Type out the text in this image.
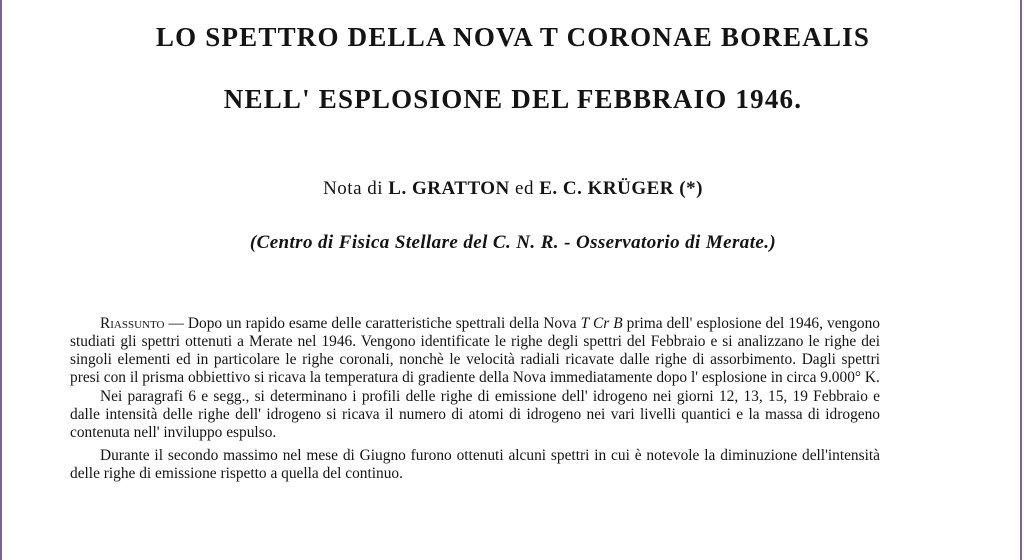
LO SPETTRO DELLA NOVA T CORONAE BOREALIS
NELL' ESPLOSIONE DEL FEBBRAIO 1946.
Nota di L. GRATTON ed E. C. KRÜGER (*)
(Centro di Fisica Stellare del C. N. R. - Osservatorio di Merate.)

Riassunto — Dopo un rapido esame delle caratteristiche spettrali della Nova T Cr B prima dell' esplosione del 1946, vengono studiati gli spettri ottenuti a Merate nel 1946. Vengono identificate le righe degli spettri del Febbraio e si analizzano le righe dei singoli elementi ed in particolare le righe coronali, nonchè le velocità radiali ricavate dalle righe di assorbimento. Dagli spettri presi con il prisma obbiettivo si ricava la temperatura di gradiente della Nova immediatamente dopo l' esplosione in circa 9.000° K.

Nei paragrafi 6 e segg., si determinano i profili delle righe di emissione dell' idrogeno nei giorni 12, 13, 15, 19 Febbraio e dalle intensità delle righe dell' idrogeno si ricava il numero di atomi di idrogeno nei vari livelli quantici e la massa di idrogeno contenuta nell' inviluppo espulso.

Durante il secondo massimo nel mese di Giugno furono ottenuti alcuni spettri in cui è notevole la diminuzione dell'intensità delle righe di emissione rispetto a quella del continuo.
